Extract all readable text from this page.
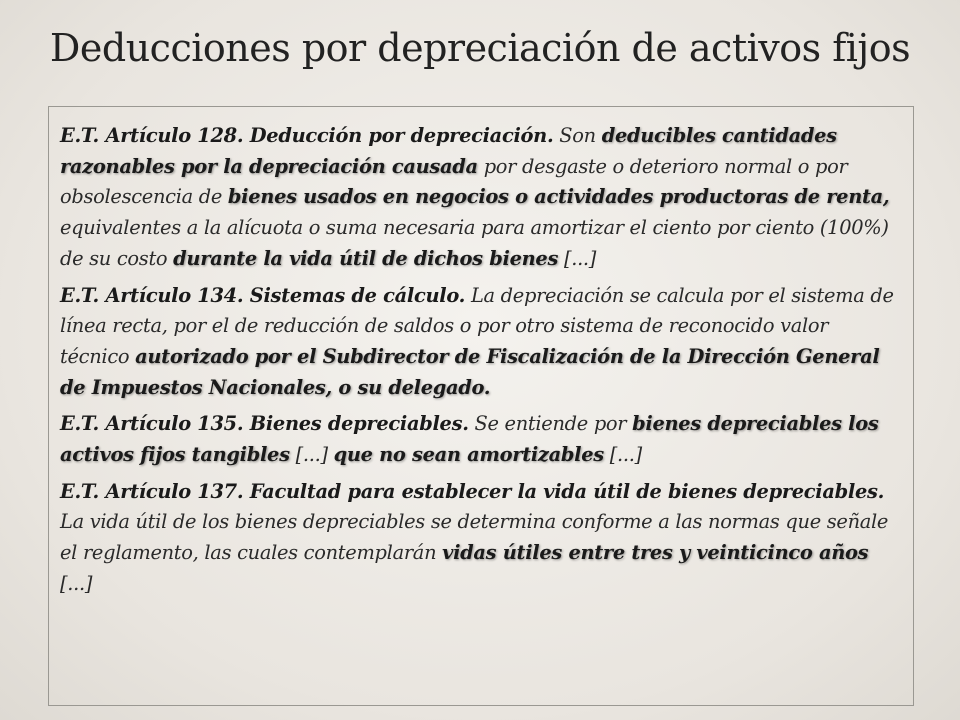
Deducciones por depreciación de activos fijos

E.T. Artículo 128. Deducción por depreciación. Son deducibles cantidades razonables por la depreciación causada por desgaste o deterioro normal o por obsolescencia de bienes usados en negocios o actividades productoras de renta, equivalentes a la alícuota o suma necesaria para amortizar el ciento por ciento (100%) de su costo durante la vida útil de dichos bienes [...]

E.T. Artículo 134. Sistemas de cálculo. La depreciación se calcula por el sistema de línea recta, por el de reducción de saldos o por otro sistema de reconocido valor técnico autorizado por el Subdirector de Fiscalización de la Dirección General de Impuestos Nacionales, o su delegado.

E.T. Artículo 135. Bienes depreciables. Se entiende por bienes depreciables los activos fijos tangibles [...] que no sean amortizables [...]

E.T. Artículo 137. Facultad para establecer la vida útil de bienes depreciables. La vida útil de los bienes depreciables se determina conforme a las normas que señale el reglamento, las cuales contemplarán vidas útiles entre tres y veinticinco años [...]
